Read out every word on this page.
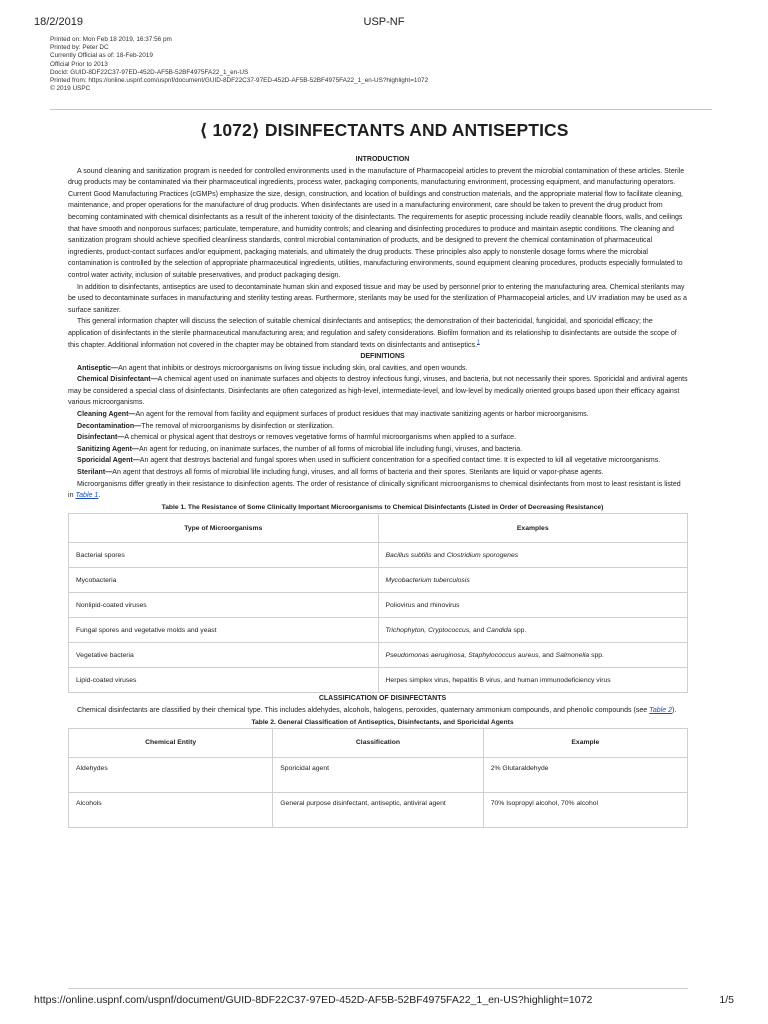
18/2/2019	USP-NF
Printed on: Mon Feb 18 2019, 16:37:56 pm
Printed by: Peter DC
Currently Official as of: 18-Feb-2019
Official Prior to 2013
DocId: GUID-8DF22C37-97ED-452D-AF5B-52BF4975FA22_1_en-US
Printed from: https://online.uspnf.com/uspnf/document/GUID-8DF22C37-97ED-452D-AF5B-52BF4975FA22_1_en-US?highlight=1072
© 2019 USPC
⟨ 1072⟩ DISINFECTANTS AND ANTISEPTICS

INTRODUCTION

A sound cleaning and sanitization program is needed for controlled environments used in the manufacture of Pharmacopeial articles to prevent the microbial contamination of these articles. Sterile drug products may be contaminated via their pharmaceutical ingredients, process water, packaging components, manufacturing environment, processing equipment, and manufacturing operators. Current Good Manufacturing Practices (cGMPs) emphasize the size, design, construction, and location of buildings and construction materials, and the appropriate material flow to facilitate cleaning, maintenance, and proper operations for the manufacture of drug products. When disinfectants are used in a manufacturing environment, care should be taken to prevent the drug product from becoming contaminated with chemical disinfectants as a result of the inherent toxicity of the disinfectants. The requirements for aseptic processing include readily cleanable floors, walls, and ceilings that have smooth and nonporous surfaces; particulate, temperature, and humidity controls; and cleaning and disinfecting procedures to produce and maintain aseptic conditions. The cleaning and sanitization program should achieve specified cleanliness standards, control microbial contamination of products, and be designed to prevent the chemical contamination of pharmaceutical ingredients, product-contact surfaces and/or equipment, packaging materials, and ultimately the drug products. These principles also apply to nonsterile dosage forms where the microbial contamination is controlled by the selection of appropriate pharmaceutical ingredients, utilities, manufacturing environments, sound equipment cleaning procedures, products especially formulated to control water activity, inclusion of suitable preservatives, and product packaging design.

In addition to disinfectants, antiseptics are used to decontaminate human skin and exposed tissue and may be used by personnel prior to entering the manufacturing area. Chemical sterilants may be used to decontaminate surfaces in manufacturing and sterility testing areas. Furthermore, sterilants may be used for the sterilization of Pharmacopeial articles, and UV irradiation may be used as a surface sanitizer.

This general information chapter will discuss the selection of suitable chemical disinfectants and antiseptics; the demonstration of their bactericidal, fungicidal, and sporicidal efficacy; the application of disinfectants in the sterile pharmaceutical manufacturing area; and regulation and safety considerations. Biofilm formation and its relationship to disinfectants are outside the scope of this chapter. Additional information not covered in the chapter may be obtained from standard texts on disinfectants and antiseptics.$^1$

DEFINITIONS

Antiseptic—An agent that inhibits or destroys microorganisms on living tissue including skin, oral cavities, and open wounds.

Chemical Disinfectant—A chemical agent used on inanimate surfaces and objects to destroy infectious fungi, viruses, and bacteria, but not necessarily their spores. Sporicidal and antiviral agents may be considered a special class of disinfectants. Disinfectants are often categorized as high-level, intermediate-level, and low-level by medically oriented groups based upon their efficacy against various microorganisms.

Cleaning Agent—An agent for the removal from facility and equipment surfaces of product residues that may inactivate sanitizing agents or harbor microorganisms.

Decontamination—The removal of microorganisms by disinfection or sterilization.

Disinfectant—A chemical or physical agent that destroys or removes vegetative forms of harmful microorganisms when applied to a surface.

Sanitizing Agent—An agent for reducing, on inanimate surfaces, the number of all forms of microbial life including fungi, viruses, and bacteria.

Sporicidal Agent—An agent that destroys bacterial and fungal spores when used in sufficient concentration for a specified contact time. It is expected to kill all vegetative microorganisms.

Sterilant—An agent that destroys all forms of microbial life including fungi, viruses, and all forms of bacteria and their spores. Sterilants are liquid or vapor-phase agents.

Microorganisms differ greatly in their resistance to disinfection agents. The order of resistance of clinically significant microorganisms to chemical disinfectants from most to least resistant is listed in Table 1.

Table 1. The Resistance of Some Clinically Important Microorganisms to Chemical Disinfectants (Listed in Order of Decreasing Resistance)

Type of Microorganisms	Examples
Bacterial spores	Bacillus subtilis and Clostridium sporogenes
Mycobacteria	Mycobacterium tuberculosis
Nonlipid-coated viruses	Poliovirus and rhinovirus
Fungal spores and vegetative molds and yeast	Trichophyton, Cryptococcus, and Candida spp.
Vegetative bacteria	Pseudomonas aeruginosa, Staphylococcus aureus, and Salmonella spp.
Lipid-coated viruses	Herpes simplex virus, hepatitis B virus, and human immunodeficiency virus

CLASSIFICATION OF DISINFECTANTS

Chemical disinfectants are classified by their chemical type. This includes aldehydes, alcohols, halogens, peroxides, quaternary ammonium compounds, and phenolic compounds (see Table 2).

Table 2. General Classification of Antiseptics, Disinfectants, and Sporicidal Agents

Chemical Entity	Classification	Example
Aldehydes	Sporicidal agent	2% Glutaraldehyde
Alcohols	General purpose disinfectant, antiseptic, antiviral agent	70% Isopropyl alcohol, 70% alcohol
https://online.uspnf.com/uspnf/document/GUID-8DF22C37-97ED-452D-AF5B-52BF4975FA22_1_en-US?highlight=1072	1/5
